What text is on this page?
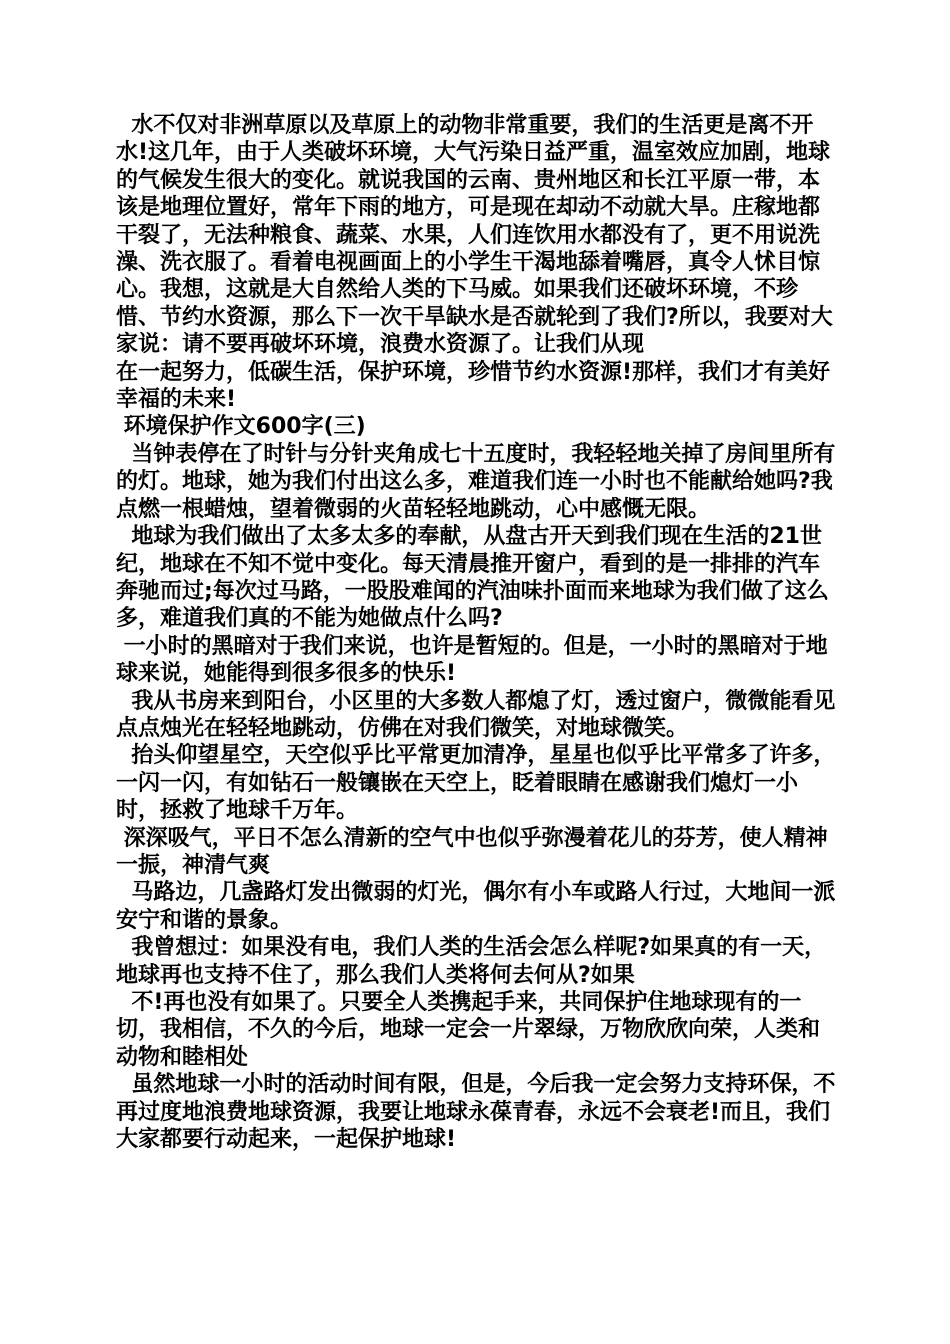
水不仅对非洲草原以及草原上的动物非常重要，我们的生活更是离不开水!这几年，由于人类破坏环境，大气污染日益严重，温室效应加剧，地球的气候发生很大的变化。就说我国的云南、贵州地区和长江平原一带，本该是地理位置好，常年下雨的地方，可是现在却动不动就大旱。庄稼地都干裂了，无法种粮食、蔬菜、水果，人们连饮用水都没有了，更不用说洗澡、洗衣服了。看着电视画面上的小学生干渴地舔着嘴唇，真令人怵目惊心。我想，这就是大自然给人类的下马威。如果我们还破坏环境，不珍惜、节约水资源，那么下一次干旱缺水是否就轮到了我们?所以，我要对大家说：请不要再破坏环境，浪费水资源了。让我们从现

在一起努力，低碳生活，保护环境，珍惜节约水资源!那样，我们才有美好幸福的未来!

环境保护作文600字(三)

当钟表停在了时针与分针夹角成七十五度时，我轻轻地关掉了房间里所有的灯。地球，她为我们付出这么多，难道我们连一小时也不能献给她吗?我点燃一根蜡烛，望着微弱的火苗轻轻地跳动，心中感慨无限。

地球为我们做出了太多太多的奉献，从盘古开天到我们现在生活的21世纪，地球在不知不觉中变化。每天清晨推开窗户，看到的是一排排的汽车奔驰而过;每次过马路，一股股难闻的汽油味扑面而来地球为我们做了这么多，难道我们真的不能为她做点什么吗?

一小时的黑暗对于我们来说，也许是暂短的。但是，一小时的黑暗对于地球来说，她能得到很多很多的快乐!

我从书房来到阳台，小区里的大多数人都熄了灯，透过窗户，微微能看见点点烛光在轻轻地跳动，仿佛在对我们微笑，对地球微笑。

抬头仰望星空，天空似乎比平常更加清净，星星也似乎比平常多了许多，一闪一闪，有如钻石一般镶嵌在天空上，眨着眼睛在感谢我们熄灯一小时，拯救了地球千万年。

深深吸气，平日不怎么清新的空气中也似乎弥漫着花儿的芬芳，使人精神一振，神清气爽

马路边，几盏路灯发出微弱的灯光，偶尔有小车或路人行过，大地间一派安宁和谐的景象。

我曾想过：如果没有电，我们人类的生活会怎么样呢?如果真的有一天，地球再也支持不住了，那么我们人类将何去何从?如果

不!再也没有如果了。只要全人类携起手来，共同保护住地球现有的一切，我相信，不久的今后，地球一定会一片翠绿，万物欣欣向荣，人类和动物和睦相处

虽然地球一小时的活动时间有限，但是，今后我一定会努力支持环保，不再过度地浪费地球资源，我要让地球永葆青春，永远不会衰老!而且，我们大家都要行动起来，一起保护地球!
